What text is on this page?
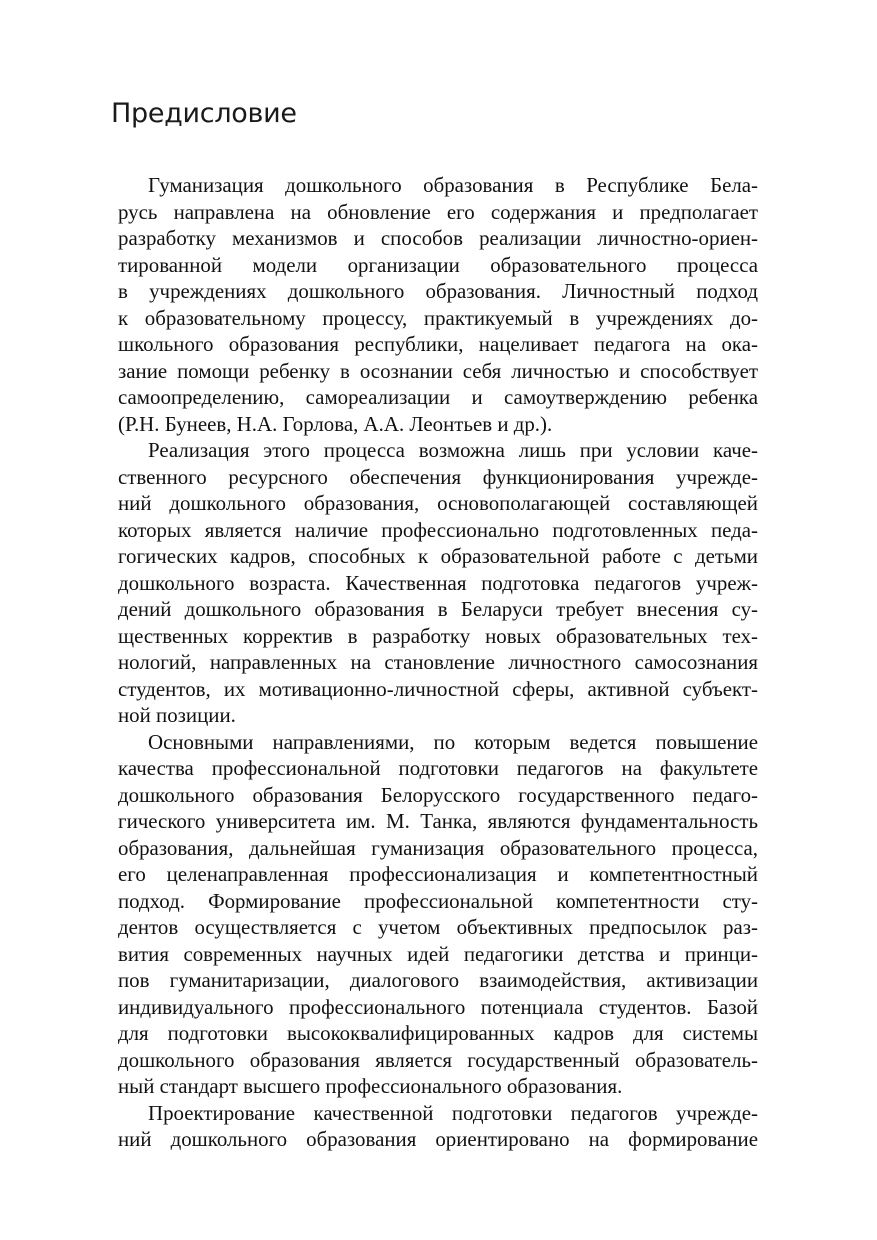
Предисловие

Гуманизация дошкольного образования в Республике Бела-
русь направлена на обновление его содержания и предполагает
разработку механизмов и способов реализации личностно-ориен-
тированной модели организации образовательного процесса
в учреждениях дошкольного образования. Личностный подход
к образовательному процессу, практикуемый в учреждениях до-
школьного образования республики, нацеливает педагога на ока-
зание помощи ребенку в осознании себя личностью и способствует
самоопределению, самореализации и самоутверждению ребенка
(Р.Н. Бунеев, Н.А. Горлова, А.А. Леонтьев и др.).

Реализация этого процесса возможна лишь при условии каче-
ственного ресурсного обеспечения функционирования учрежде-
ний дошкольного образования, основополагающей составляющей
которых является наличие профессионально подготовленных педа-
гогических кадров, способных к образовательной работе с детьми
дошкольного возраста. Качественная подготовка педагогов учреж-
дений дошкольного образования в Беларуси требует внесения су-
щественных корректив в разработку новых образовательных тех-
нологий, направленных на становление личностного самосознания
студентов, их мотивационно-личностной сферы, активной субъект-
ной позиции.

Основными направлениями, по которым ведется повышение
качества профессиональной подготовки педагогов на факультете
дошкольного образования Белорусского государственного педаго-
гического университета им. М. Танка, являются фундаментальность
образования, дальнейшая гуманизация образовательного процесса,
его целенаправленная профессионализация и компетентностный
подход. Формирование профессиональной компетентности сту-
дентов осуществляется с учетом объективных предпосылок раз-
вития современных научных идей педагогики детства и принци-
пов гуманитаризации, диалогового взаимодействия, активизации
индивидуального профессионального потенциала студентов. Базой
для подготовки высококвалифицированных кадров для системы
дошкольного образования является государственный образователь-
ный стандарт высшего профессионального образования.

Проектирование качественной подготовки педагогов учрежде-
ний дошкольного образования ориентировано на формирование
